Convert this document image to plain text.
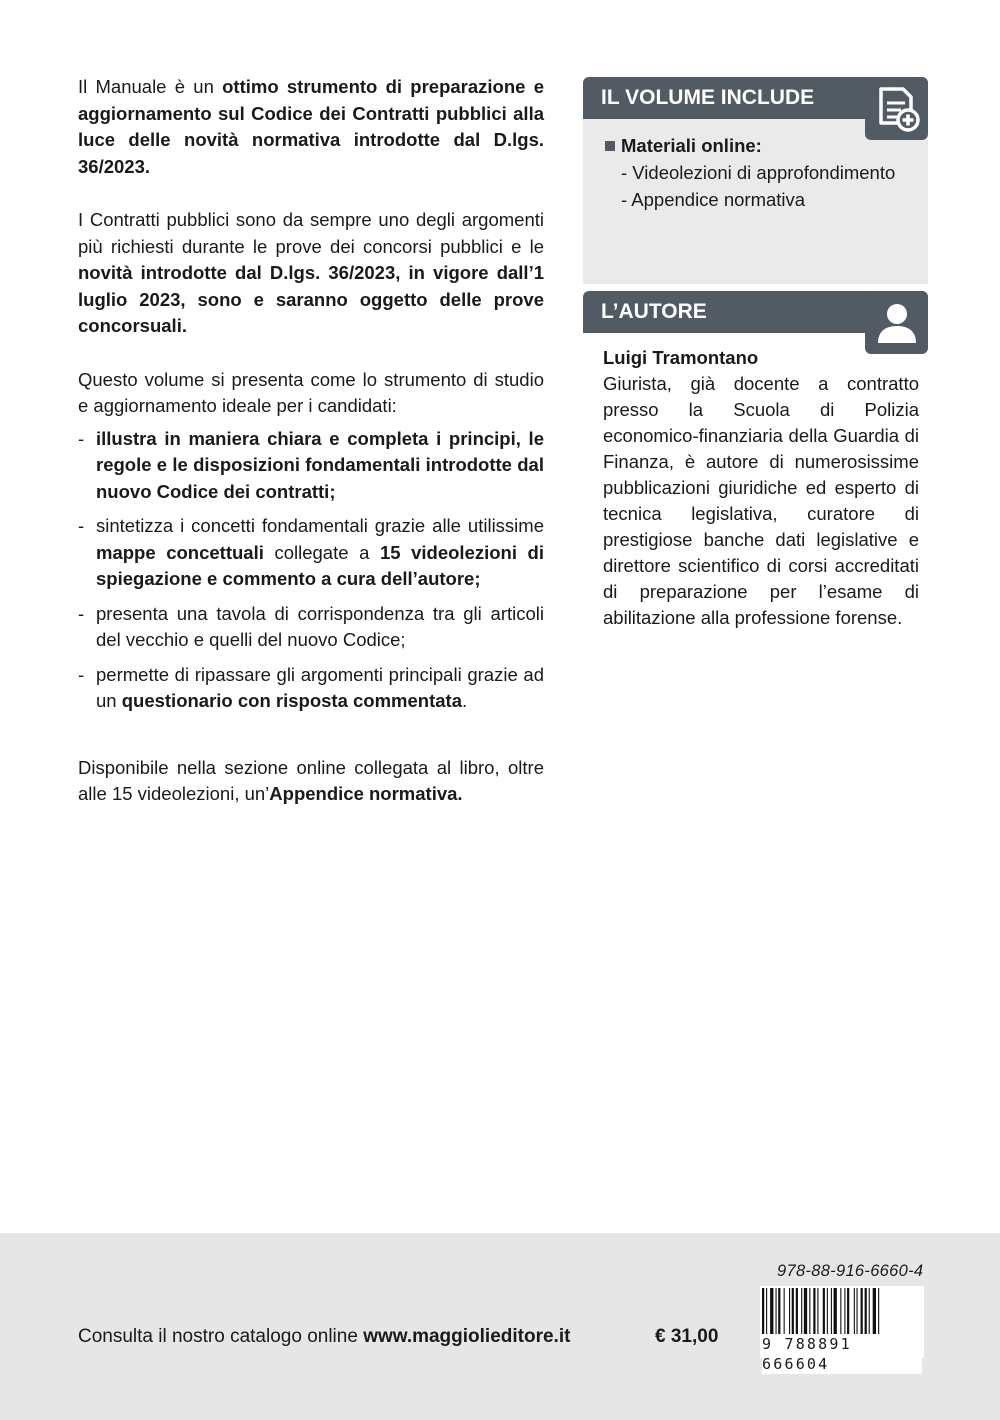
Il Manuale è un ottimo strumento di preparazione e aggiornamento sul Codice dei Contratti pubblici alla luce delle novità normativa introdotte dal D.lgs. 36/2023.

I Contratti pubblici sono da sempre uno degli argomenti più richiesti durante le prove dei concorsi pubblici e le novità introdotte dal D.lgs. 36/2023, in vigore dall’1 luglio 2023, sono e saranno oggetto delle prove concorsuali.

Questo volume si presenta come lo strumento di studio e aggiornamento ideale per i candidati:

- illustra in maniera chiara e completa i principi, le regole e le disposizioni fondamentali introdotte dal nuovo Codice dei contratti;
- sintetizza i concetti fondamentali grazie alle utilissime mappe concettuali collegate a 15 videolezioni di spiegazione e commento a cura dell’autore;
- presenta una tavola di corrispondenza tra gli articoli del vecchio e quelli del nuovo Codice;
- permette di ripassare gli argomenti principali grazie ad un questionario con risposta commentata.

Disponibile nella sezione online collegata al libro, oltre alle 15 videolezioni, un’Appendice normativa.

IL VOLUME INCLUDE
Materiali online:
- Videolezioni di approfondimento
- Appendice normativa
L’AUTORE
Luigi Tramontano
Giurista, già docente a contratto presso la Scuola di Polizia economico-finanziaria della Guardia di Finanza, è autore di numerosissime pubblicazioni giuridiche ed esperto di tecnica legislativa, curatore di prestigiose banche dati legislative e direttore scientifico di corsi accreditati di preparazione per l’esame di abilitazione alla professione forense.
Consulta il nostro catalogo online www.maggiolieditore.it	€ 31,00
978-88-916-6660-4
9 788891 666604
